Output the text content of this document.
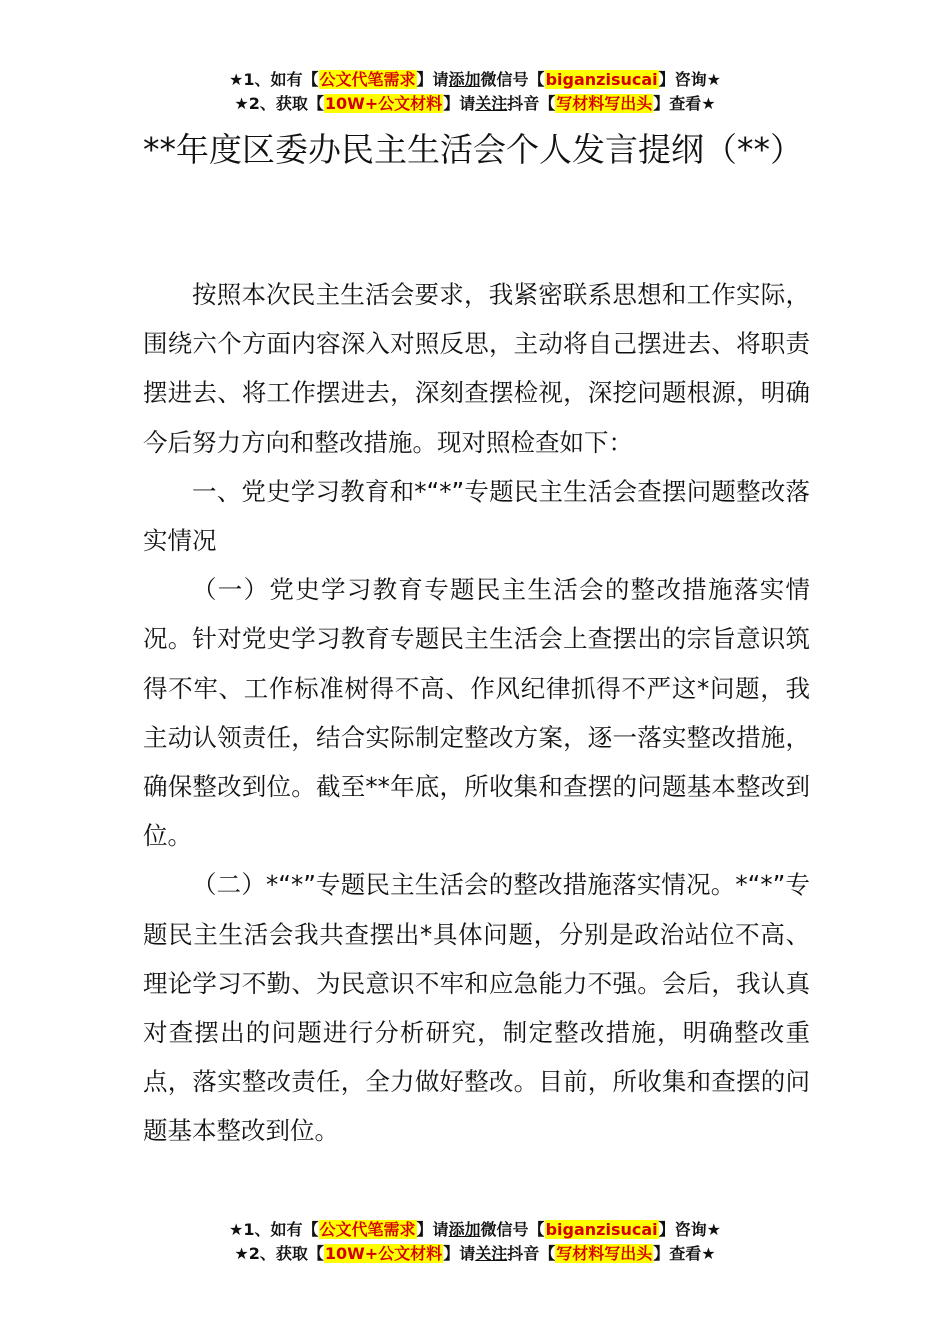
★1、如有【公文代笔需求】请添加微信号【biganzisucai】咨询★
★2、获取【10W+公文材料】请关注抖音【写材料写出头】查看★
**年度区委办民主生活会个人发言提纲（**）

按照本次民主生活会要求，我紧密联系思想和工作实际，围绕六个方面内容深入对照反思，主动将自己摆进去、将职责摆进去、将工作摆进去，深刻查摆检视，深挖问题根源，明确今后努力方向和整改措施。现对照检查如下：

一、党史学习教育和*“*”专题民主生活会查摆问题整改落实情况

（一）党史学习教育专题民主生活会的整改措施落实情况。针对党史学习教育专题民主生活会上查摆出的宗旨意识筑得不牢、工作标准树得不高、作风纪律抓得不严这*问题，我主动认领责任，结合实际制定整改方案，逐一落实整改措施，确保整改到位。截至**年底，所收集和查摆的问题基本整改到位。

（二）*“*”专题民主生活会的整改措施落实情况。*“*”专题民主生活会我共查摆出*具体问题，分别是政治站位不高、理论学习不勤、为民意识不牢和应急能力不强。会后，我认真对查摆出的问题进行分析研究，制定整改措施，明确整改重点，落实整改责任，全力做好整改。目前，所收集和查摆的问题基本整改到位。

★1、如有【公文代笔需求】请添加微信号【biganzisucai】咨询★
★2、获取【10W+公文材料】请关注抖音【写材料写出头】查看★
